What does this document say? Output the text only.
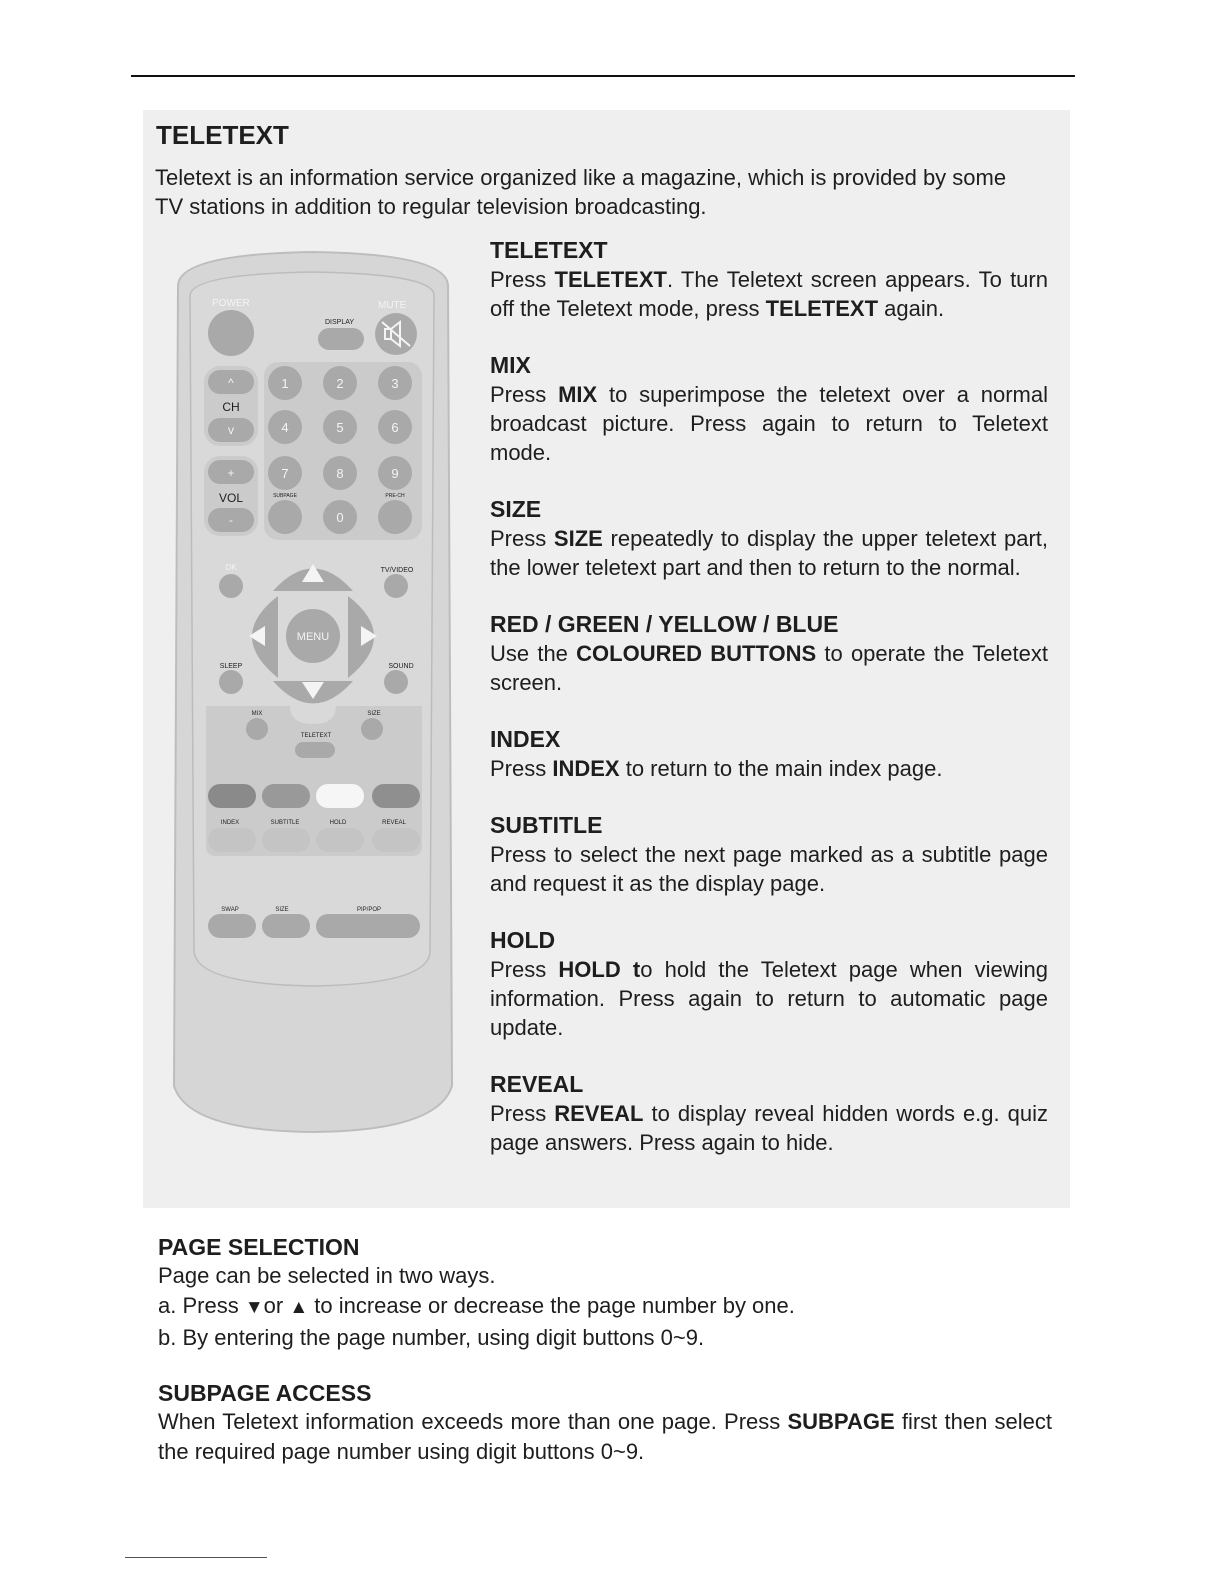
TELETEXT

Teletext is an information service organized like a magazine, which is provided by some TV stations in addition to regular television broadcasting.

POWER	MUTE
DISPLAY
^
CH
v
+
VOL
-
1	2	3
4	5	6
7	8	9
SUBPAGE
0
PRE-CH
OK	TV/VIDEO
MENU
SLEEP	SOUND
MIX	SIZE
TELETEXT
INDEX	SUBTITLE	HOLD	REVEAL
SWAP	SIZE	PIP/POP
TELETEXT

Press TELETEXT. The Teletext screen appears. To turn off the Teletext mode, press TELETEXT again.

MIX

Press MIX to superimpose the teletext over a normal broadcast picture. Press again to return to Teletext mode.

SIZE

Press SIZE repeatedly to display the upper teletext part, the lower teletext part and then to return to the normal.

RED / GREEN / YELLOW / BLUE

Use the COLOURED BUTTONS to operate the Teletext screen.

INDEX

Press INDEX to return to the main index page.

SUBTITLE

Press to select the next page marked as a subtitle page and request it as the display page.

HOLD

Press HOLD to hold the Teletext page when viewing information. Press again to return to automatic page update.

REVEAL

Press REVEAL to display reveal hidden words e.g. quiz page answers. Press again to hide.

PAGE SELECTION

Page can be selected in two ways.

a. Press ▼or ▲ to increase or decrease the page number by one.

b. By entering the page number, using digit buttons 0~9.

SUBPAGE ACCESS

When Teletext information exceeds more than one page. Press SUBPAGE first then select the required page number using digit buttons 0~9.
